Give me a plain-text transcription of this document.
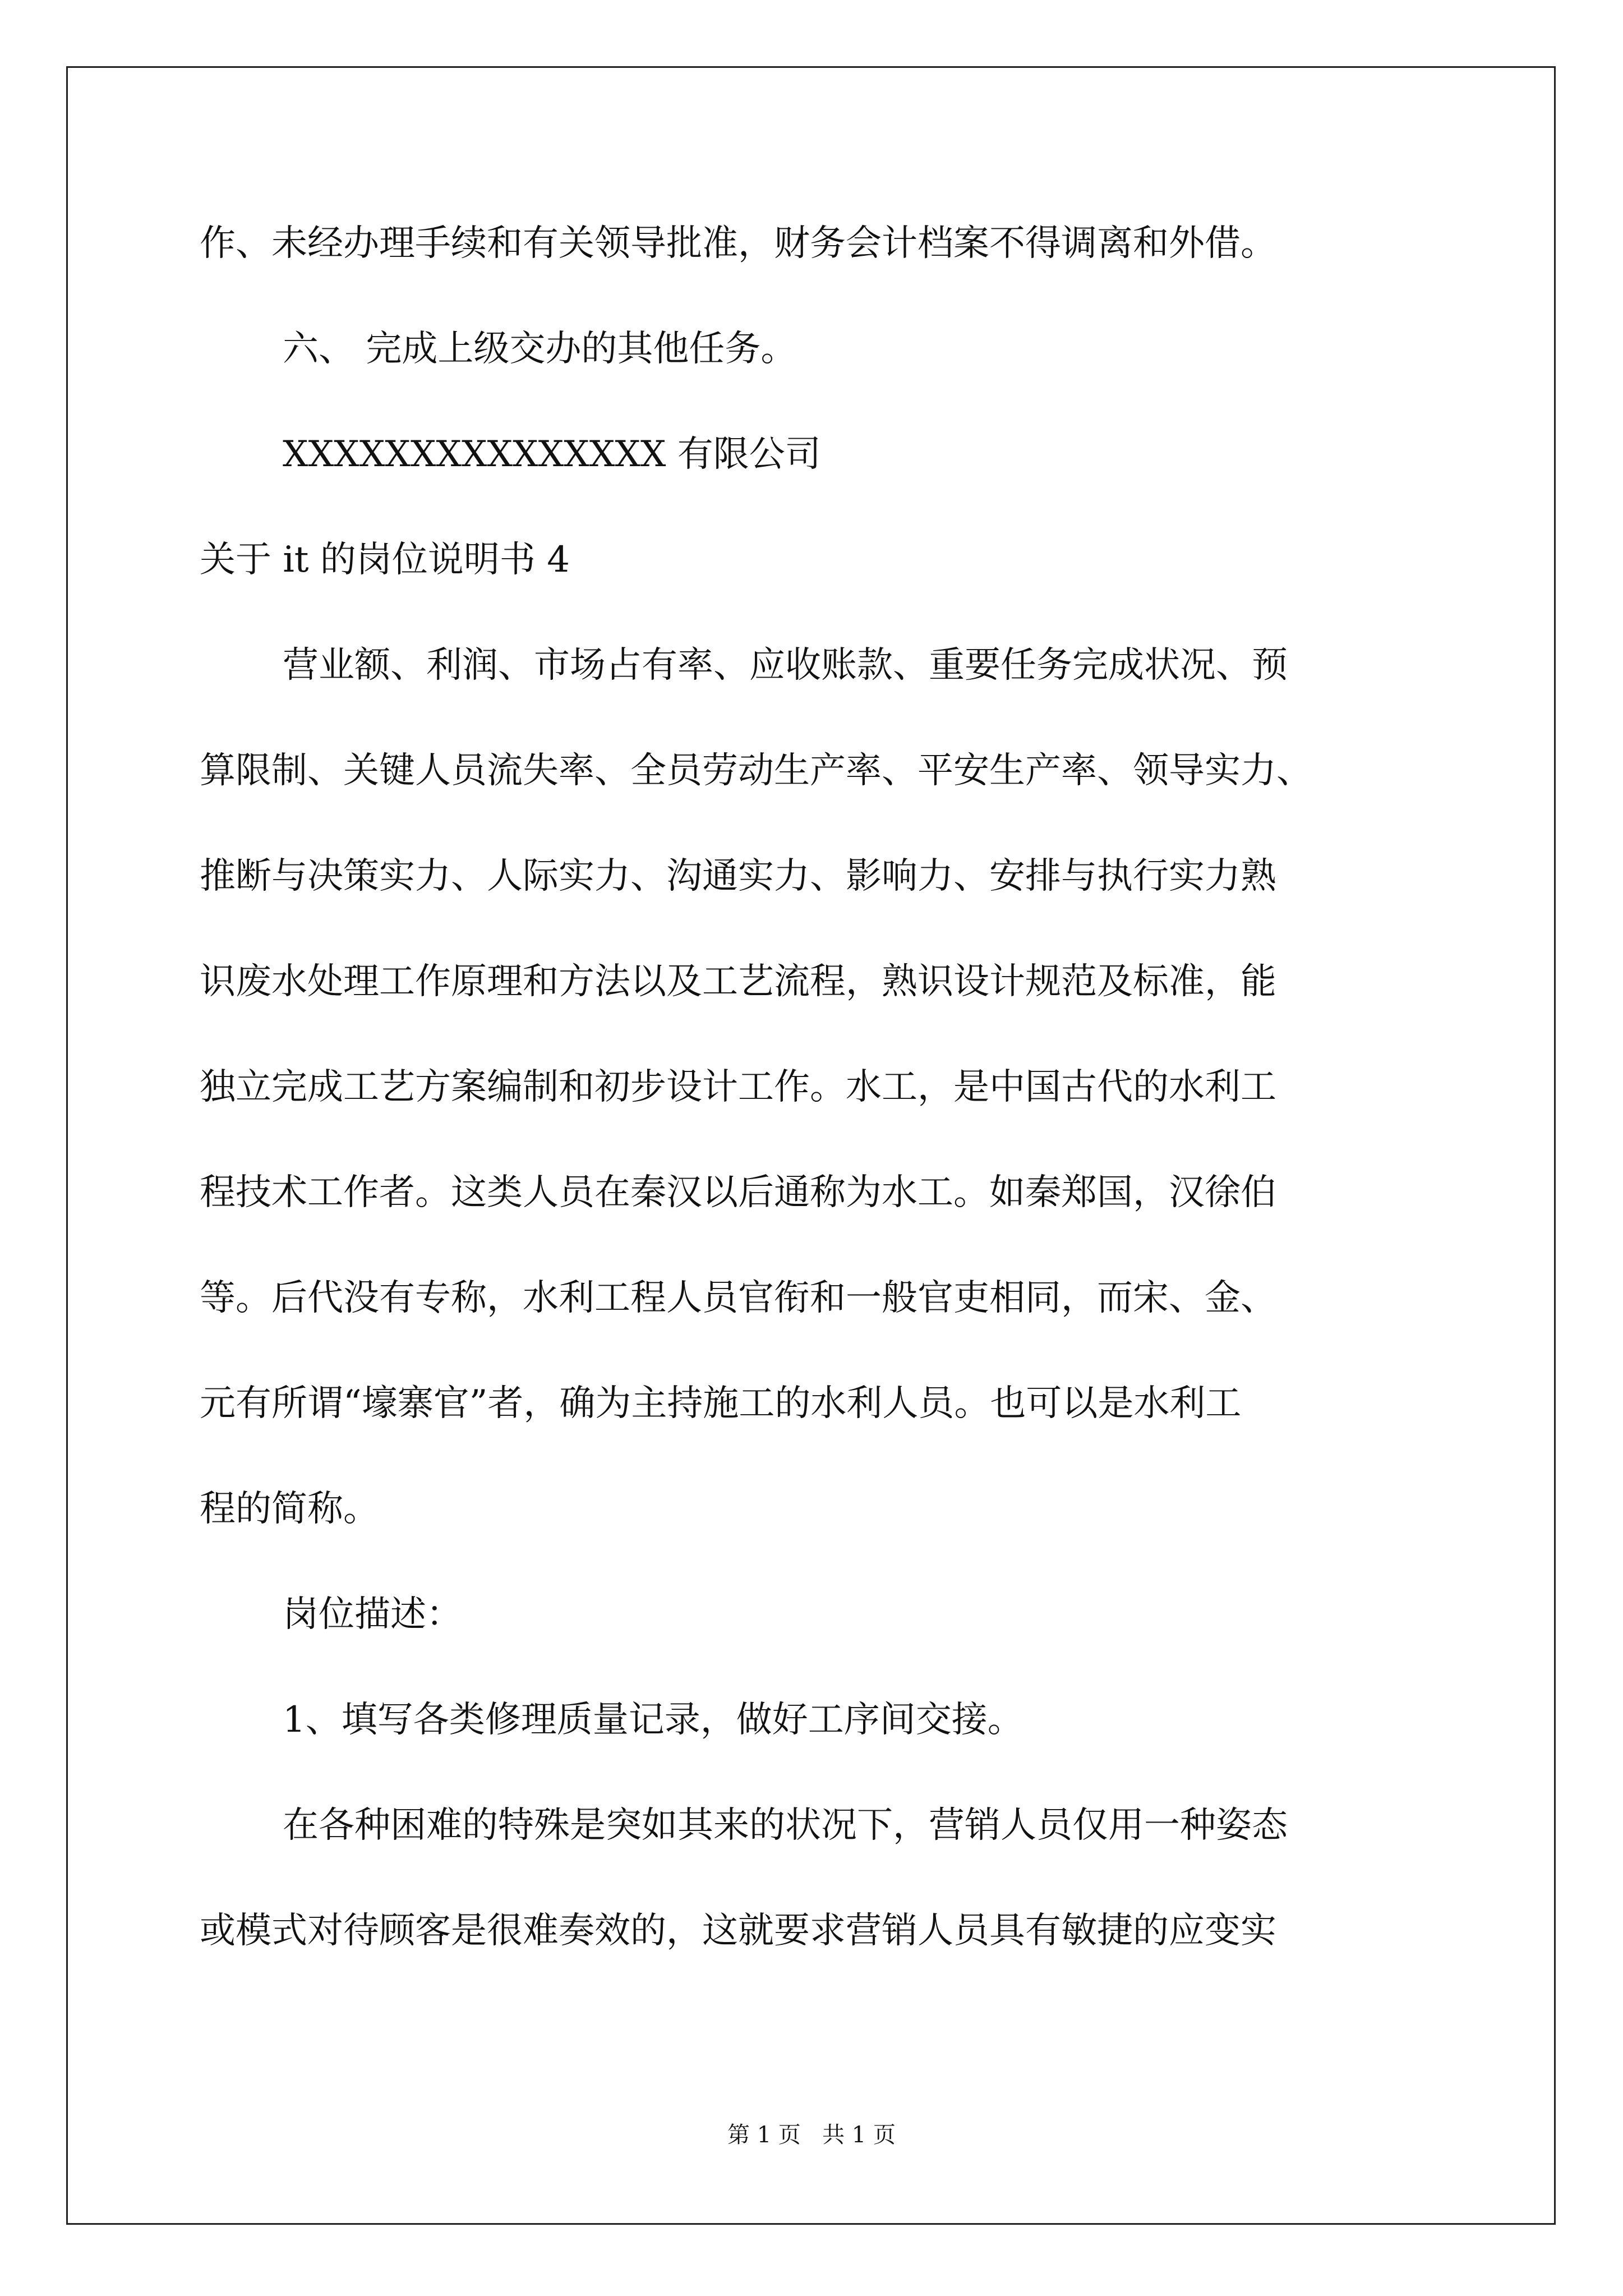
作、未经办理手续和有关领导批准，财务会计档案不得调离和外借。
六、 完成上级交办的其他任务。
XXXXXXXXXXXXXXX 有限公司
关于 it 的岗位说明书 4
营业额、利润、市场占有率、应收账款、重要任务完成状况、预
算限制、关键人员流失率、全员劳动生产率、平安生产率、领导实力、
推断与决策实力、人际实力、沟通实力、影响力、安排与执行实力熟
识废水处理工作原理和方法以及工艺流程，熟识设计规范及标准，能
独立完成工艺方案编制和初步设计工作。水工，是中国古代的水利工
程技术工作者。这类人员在秦汉以后通称为水工。如秦郑国，汉徐伯
等。后代没有专称，水利工程人员官衔和一般官吏相同，而宋、金、
元有所谓“壕寨官”者，确为主持施工的水利人员。也可以是水利工
程的简称。
岗位描述：
1、填写各类修理质量记录，做好工序间交接。
在各种困难的特殊是突如其来的状况下，营销人员仅用一种姿态
或模式对待顾客是很难奏效的，这就要求营销人员具有敏捷的应变实
第 1 页   共 1 页
